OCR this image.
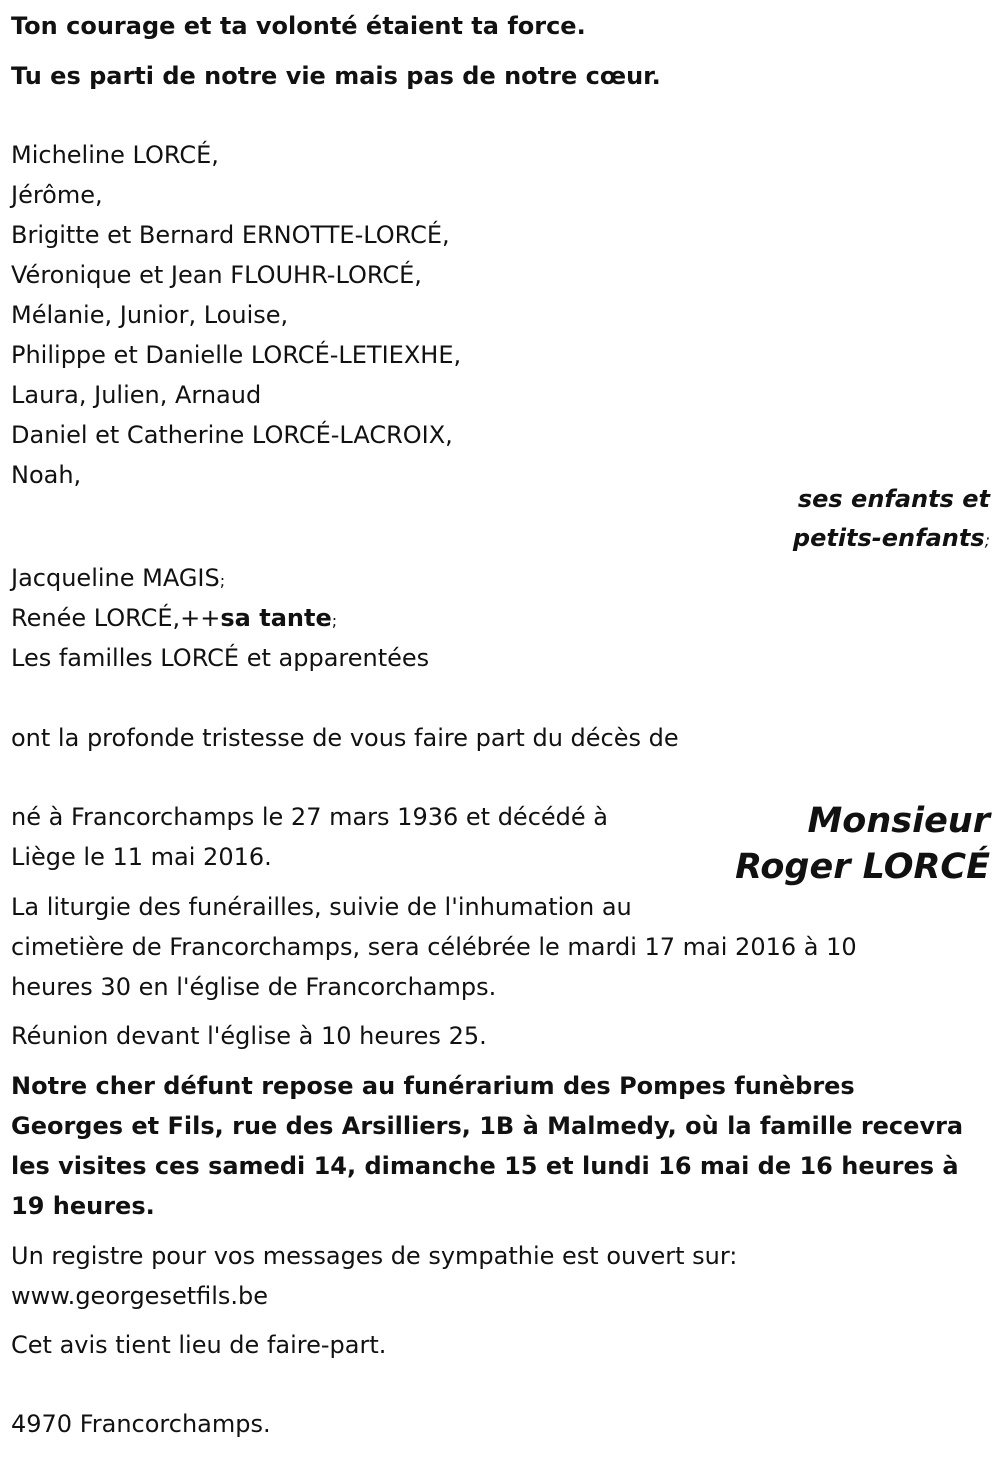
Ton courage et ta volonté étaient ta force.
Tu es parti de notre vie mais pas de notre cœur.
Micheline LORCÉ,
Jérôme,
Brigitte et Bernard ERNOTTE-LORCÉ,
Véronique et Jean FLOUHR-LORCÉ,
Mélanie, Junior, Louise,
Philippe et Danielle LORCÉ-LETIEXHE,
Laura, Julien, Arnaud
Daniel et Catherine LORCÉ-LACROIX,
Noah,
ses enfants et
petits-enfants;
Jacqueline MAGIS;
Renée LORCÉ,++sa tante;
Les familles LORCÉ et apparentées
ont la profonde tristesse de vous faire part du décès de
Monsieur
Roger LORCÉ
né à Francorchamps le 27 mars 1936 et décédé à
Liège le 11 mai 2016.
La liturgie des funérailles, suivie de l'inhumation au
cimetière de Francorchamps, sera célébrée le mardi 17 mai 2016 à 10
heures 30 en l'église de Francorchamps.
Réunion devant l'église à 10 heures 25.
Notre cher défunt repose au funérarium des Pompes funèbres
Georges et Fils, rue des Arsilliers, 1B à Malmedy, où la famille recevra
les visites ces samedi 14, dimanche 15 et lundi 16 mai de 16 heures à
19 heures.
Un registre pour vos messages de sympathie est ouvert sur:
www.georgesetfils.be
Cet avis tient lieu de faire-part.
4970 Francorchamps.
